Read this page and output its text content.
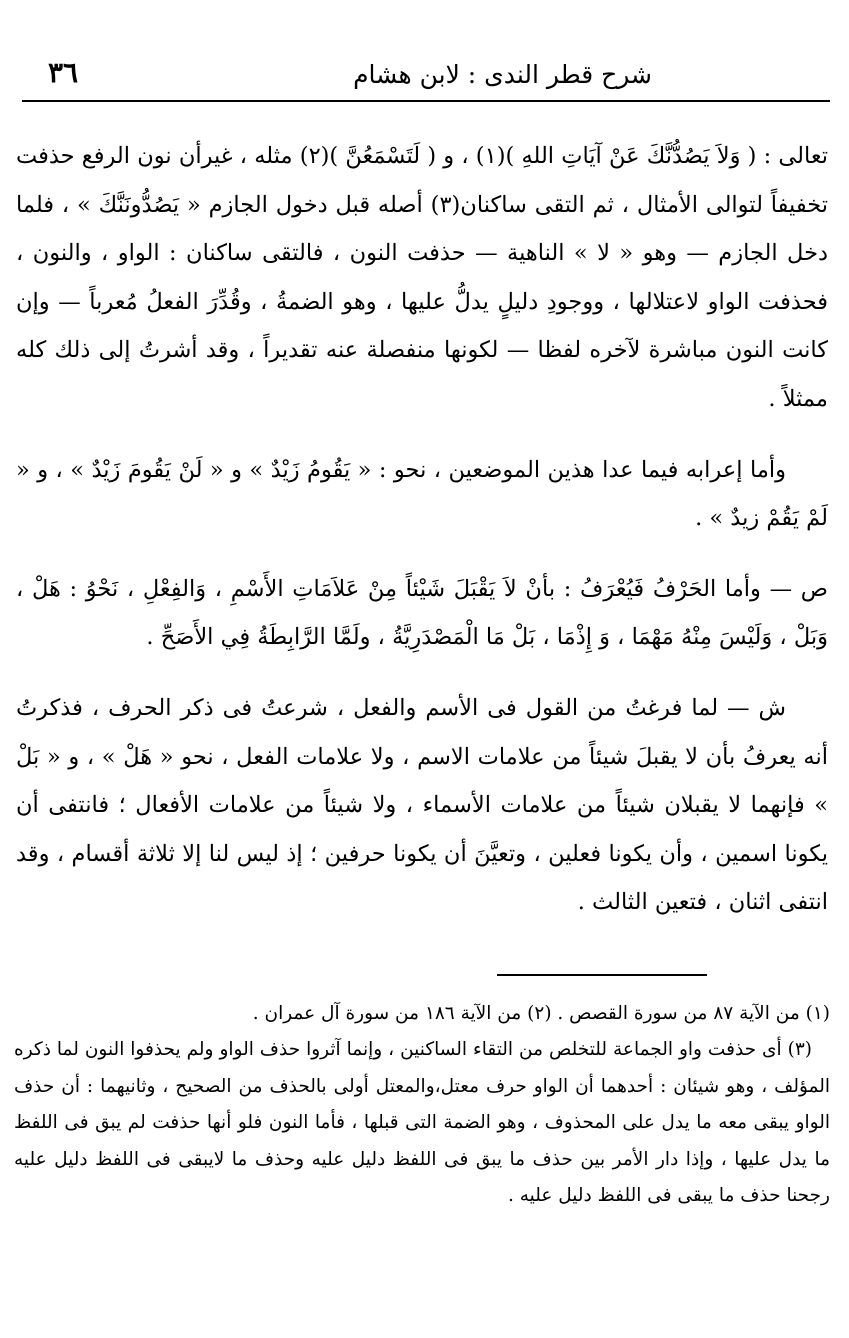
٣٦	شرح قطر الندى : لابن هشام

تعالى : ( وَلاَ يَصُدُّنَّكَ عَنْ آيَاتِ اللهِ )(١) ، و ( لَتَسْمَعُنَّ )(٢) مثله ، غيرأن نون الرفع حذفت تخفيفاً لتوالى الأمثال ، ثم التقى ساكنان(٣) أصله قبل دخول الجازم « يَصُدُّونَنَّكَ » ، فلما دخل الجازم — وهو « لا » الناهية — حذفت النون ، فالتقى ساكنان : الواو ، والنون ، فحذفت الواو لاعتلالها ، ووجودِ دليلٍ يدلُّ عليها ، وهو الضمةُ ، وقُدِّرَ الفعلُ مُعرباً — وإن كانت النون مباشرة لآخره لفظا — لكونها منفصلة عنه تقديراً ، وقد أشرتُ إلى ذلك كله ممثلاً .

وأما إعرابه فيما عدا هذين الموضعين ، نحو : « يَقُومُ زَيْدٌ » و « لَنْ يَقُومَ زَيْدٌ » ، و « لَمْ يَقُمْ زيدٌ » .

ص — وأما الحَرْفُ فَيُعْرَفُ : بأنْ لاَ يَقْبَلَ شَيْئاً مِنْ عَلاَمَاتِ الأَسْمِ ، وَالفِعْلِ ، نَحْوُ : هَلْ ، وَبَلْ ، وَلَيْسَ مِنْهُ مَهْمَا ، وَ إِذْمَا ، بَلْ مَا الْمَصْدَرِيَّةُ ، ولَمَّا الرَّابِطَةُ فِي الأَصَحِّ .

ش — لما فرغتُ من القول فى الأسم والفعل ، شرعتُ فى ذكر الحرف ، فذكرتُ أنه يعرفُ بأن لا يقبلَ شيئاً من علامات الاسم ، ولا علامات الفعل ، نحو « هَلْ » ، و « بَلْ » فإنهما لا يقبلان شيئاً من علامات الأسماء ، ولا شيئاً من علامات الأفعال ؛ فانتفى أن يكونا اسمين ، وأن يكونا فعلين ، وتعيَّنَ أن يكونا حرفين ؛ إذ ليس لنا إلا ثلاثة أقسام ، وقد انتفى اثنان ، فتعين الثالث .

(١) من الآية ٨٧ من سورة القصص . (٢) من الآية ١٨٦ من سورة آل عمران .

(٣) أى حذفت واو الجماعة للتخلص من التقاء الساكنين ، وإنما آثروا حذف الواو ولم يحذفوا النون لما ذكره المؤلف ، وهو شيئان : أحدهما أن الواو حرف معتل،والمعتل أولى بالحذف من الصحيح ، وثانيهما : أن حذف الواو يبقى معه ما يدل على المحذوف ، وهو الضمة التى قبلها ، فأما النون فلو أنها حذفت لم يبق فى اللفظ ما يدل عليها ، وإذا دار الأمر بين حذف ما يبق فى اللفظ دليل عليه وحذف ما لايبقى فى اللفظ دليل عليه رجحنا حذف ما يبقى فى اللفظ دليل عليه .
